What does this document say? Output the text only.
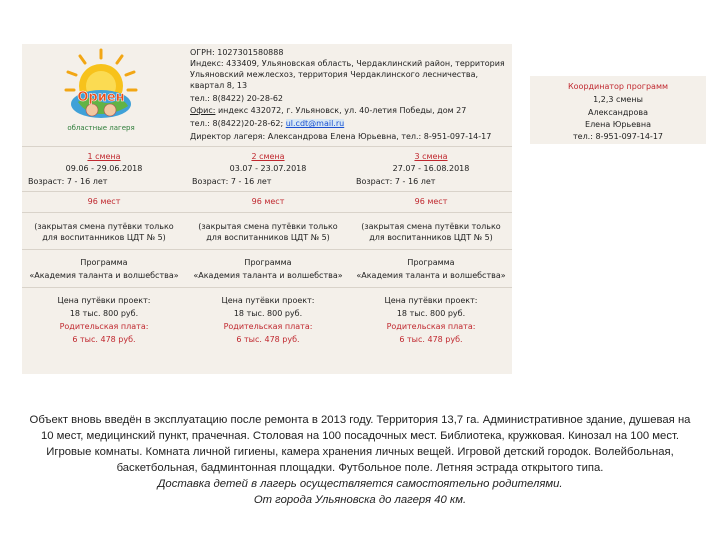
Ориен
областные лагеря
ОГРН: 1027301580888
Индекс: 433409, Ульяновская область, Чердаклинский район, территория
Ульяновский межлесхоз, территория Чердаклинского лесничества,
квартал 8, 13
тел.: 8(8422) 20-28-62
Офис: индекс 432072, г. Ульяновск, ул. 40-летия Победы, дом 27
тел.: 8(8422)20-28-62; ul.cdt@mail.ru
Директор лагеря: Александрова Елена Юрьевна, тел.: 8-951-097-14-17
Координатор программ
1,2,3 смены
Александрова
Елена Юрьевна
тел.: 8-951-097-14-17
1 смена
09.06 - 29.06.2018
Возраст: 7 - 16 лет
96 мест
(закрытая смена путёвки только
для воспитанников ЦДТ № 5)
Программа
«Академия таланта и волшебства»
Цена путёвки проект:
18 тыс. 800 руб.
Родительская плата:
6 тыс. 478 руб.
2 смена
03.07 - 23.07.2018
Возраст: 7 - 16 лет
96 мест
(закрытая смена путёвки только
для воспитанников ЦДТ № 5)
Программа
«Академия таланта и волшебства»
Цена путёвки проект:
18 тыс. 800 руб.
Родительская плата:
6 тыс. 478 руб.
3 смена
27.07 - 16.08.2018
Возраст: 7 - 16 лет
96 мест
(закрытая смена путёвки только
для воспитанников ЦДТ № 5)
Программа
«Академия таланта и волшебства»
Цена путёвки проект:
18 тыс. 800 руб.
Родительская плата:
6 тыс. 478 руб.
Объект вновь введён в эксплуатацию после ремонта в 2013 году. Территория 13,7 га. Административное здание, душевая на
10 мест, медицинский пункт, прачечная. Столовая на 100 посадочных мест. Библиотека, кружковая. Кинозал на 100 мест.
Игровые комнаты. Комната личной гигиены, камера хранения личных вещей. Игровой детский городок. Волейбольная,
баскетбольная, бадминтонная площадки. Футбольное поле. Летняя эстрада открытого типа.
Доставка детей в лагерь осуществляется самостоятельно родителями.
От города Ульяновска до лагеря 40 км.
